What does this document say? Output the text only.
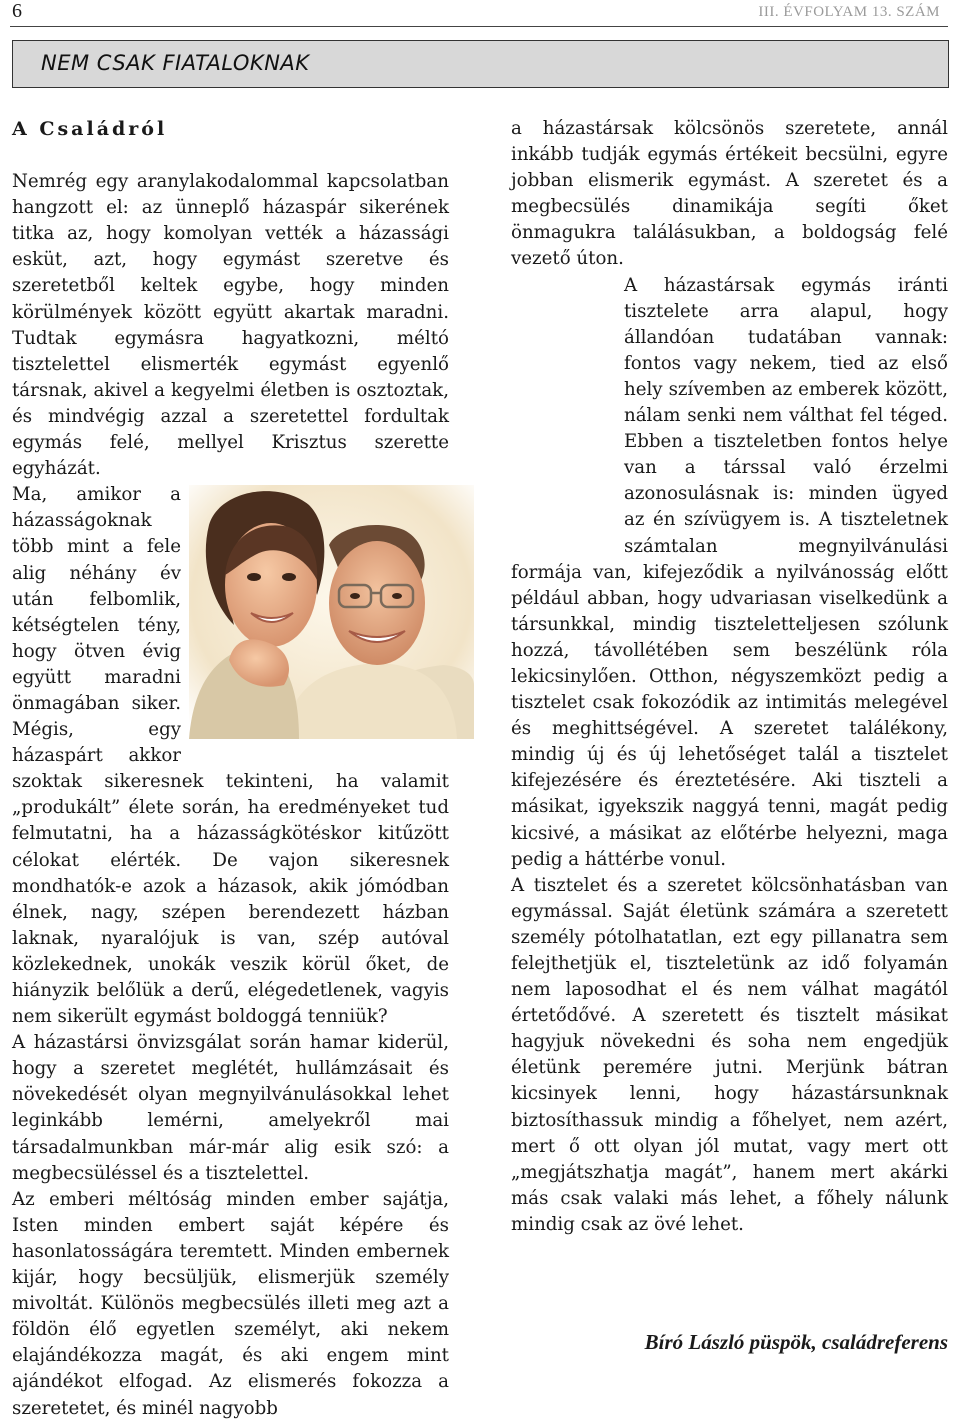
6	III. ÉVFOLYAM 13. SZÁM
NEM CSAK FIATALOKNAK
A Családról

Nemrég egy aranylakodalommal kapcsolatban hangzott el: az ünneplő házaspár sikerének titka az, hogy komolyan vették a házassági esküt, azt, hogy egymást szeretve és szeretetből keltek egybe, hogy minden körülmények között együtt akartak maradni. Tudtak egymásra hagyatkozni, méltó tisztelettel elismerték egymást egyenlő társnak, akivel a kegyelmi életben is osztoztak, és mindvégig azzal a szeretettel fordultak egymás felé, mellyel Krisztus szerette egyházát.

Ma, amikor a házasságoknak több mint a fele alig néhány év után felbomlik, kétségtelen tény, hogy ötven évig együtt maradni önmagában siker. Mégis, egy házaspárt akkor szoktak sikeresnek tekinteni, ha valamit „produkált” élete során, ha eredményeket tud felmutatni, ha a házasságkötéskor kitűzött célokat elérték. De vajon sikeresnek mondhatók-e azok a házasok, akik jómódban élnek, nagy, szépen berendezett házban laknak, nyaralójuk is van, szép autóval közlekednek, unokák veszik körül őket, de hiányzik belőlük a derű, elégedetlenek, vagyis nem sikerült egymást boldoggá tenniük?

A házastársi önvizsgálat során hamar kiderül, hogy a szeretet meglétét, hullámzásait és növekedését olyan megnyilvánulásokkal lehet leginkább lemérni, amelyekről mai társadalmunkban már-már alig esik szó: a megbecsüléssel és a tisztelettel.

Az emberi méltóság minden ember sajátja, Isten minden embert saját képére és hasonlatosságára teremtett. Minden embernek kijár, hogy becsüljük, elismerjük személy mivoltát. Különös megbecsülés illeti meg azt a földön élő egyetlen személyt, aki nekem elajándékozza magát, és aki engem mint ajándékot elfogad. Az elismerés fokozza a szeretetet, és minél nagyobb

a házastársak kölcsönös szeretete, annál inkább tudják egymás értékeit becsülni, egyre jobban elismerik egymást. A szeretet és a megbecsülés dinamikája segíti őket önmagukra találásukban, a boldogság felé vezető úton.

A házastársak egymás iránti tisztelete arra alapul, hogy állandóan tudatában vannak: fontos vagy nekem, tied az első hely szívemben az emberek között, nálam senki nem válthat fel téged. Ebben a tiszteletben fontos helye van a társsal való érzelmi azonosulásnak is: minden ügyed az én szívügyem is. A tiszteletnek számtalan megnyilvánulási formája van, kifejeződik a nyilvánosság előtt például abban, hogy udvariasan viselkedünk a társunkkal, mindig tiszteletteljesen szólunk hozzá, távollétében sem beszélünk róla lekicsinylően. Otthon, négyszemközt pedig a tisztelet csak fokozódik az intimitás melegével és meghittségével. A szeretet találékony, mindig új és új lehetőséget talál a tisztelet kifejezésére és éreztetésére. Aki tiszteli a másikat, igyekszik naggyá tenni, magát pedig kicsivé, a másikat az előtérbe helyezni, maga pedig a háttérbe vonul.

A tisztelet és a szeretet kölcsönhatásban van egymással. Saját életünk számára a szeretett személy pótolhatatlan, ezt egy pillanatra sem felejthetjük el, tiszteletünk az idő folyamán nem laposodhat el és nem válhat magától értetődővé. A szeretett és tisztelt másikat hagyjuk növekedni és soha nem engedjük életünk peremére jutni. Merjünk bátran kicsinyek lenni, hogy házastársunknak biztosíthassuk mindig a főhelyet, nem azért, mert ő ott olyan jól mutat, vagy mert ott „megjátszhatja magát”, hanem mert akárki más csak valaki más lehet, a főhely nálunk mindig csak az övé lehet.

Bíró László püspök, családreferens
